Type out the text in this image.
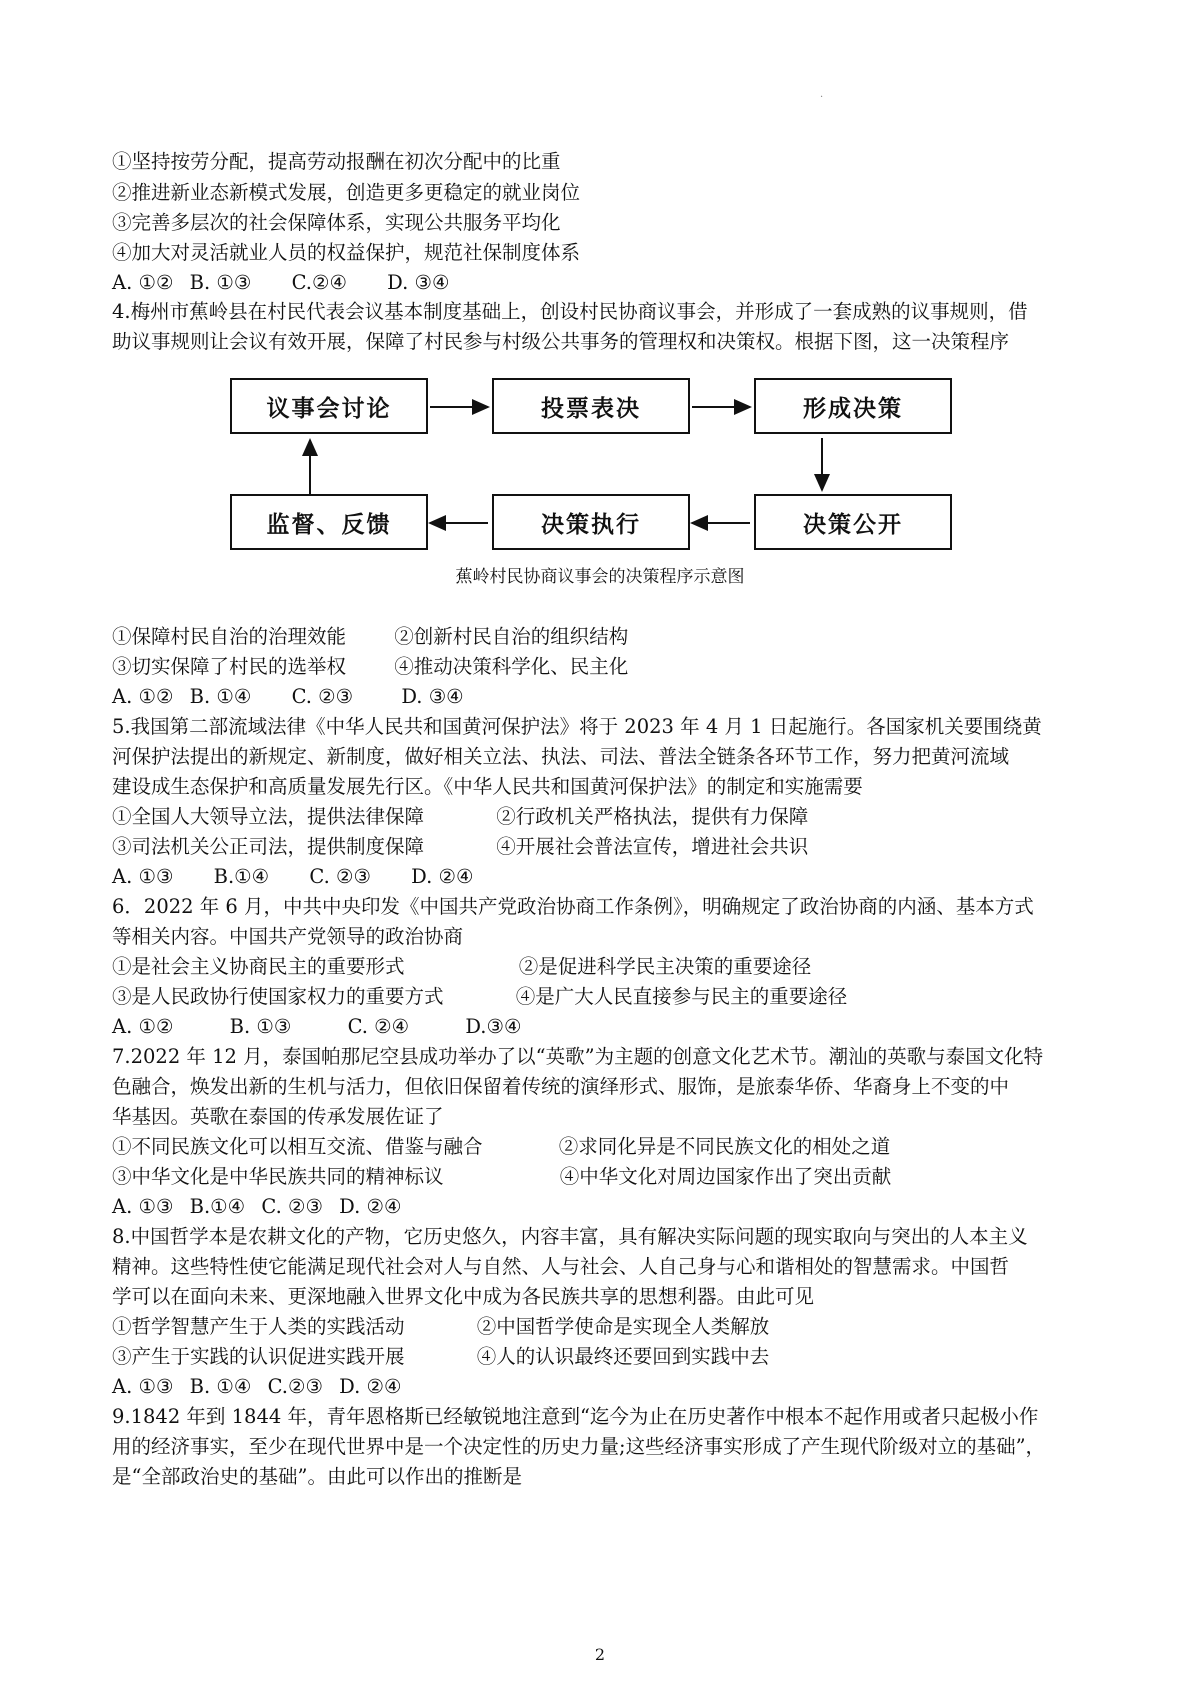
·
①坚持按劳分配，提高劳动报酬在初次分配中的比重
②推进新业态新模式发展，创造更多更稳定的就业岗位
③完善多层次的社会保障体系，实现公共服务平均化
④加大对灵活就业人员的权益保护，规范社保制度体系
A. ①② B. ①③ C.②④ D. ③④
4.梅州市蕉岭县在村民代表会议基本制度基础上，创设村民协商议事会，并形成了一套成熟的议事规则，借
助议事规则让会议有效开展，保障了村民参与村级公共事务的管理权和决策权。根据下图，这一决策程序
议事会讨论	投票表决	形成决策
决策公开
决策执行
监督、反馈
蕉岭村民协商议事会的决策程序示意图
①保障村民自治的治理效能 ②创新村民自治的组织结构
③切实保障了村民的选举权 ④推动决策科学化、民主化
A. ①② B. ①④ C. ②③ D. ③④
5.我国第二部流域法律《中华人民共和国黄河保护法》将于 2023 年 4 月 1 日起施行。各国家机关要围绕黄
河保护法提出的新规定、新制度，做好相关立法、执法、司法、普法全链条各环节工作，努力把黄河流域
建设成生态保护和高质量发展先行区。《中华人民共和国黄河保护法》的制定和实施需要
①全国人大领导立法，提供法律保障	②行政机关严格执法，提供有力保障
③司法机关公正司法，提供制度保障	④开展社会普法宣传，增进社会共识
A. ①③ B.①④ C. ②③ D. ②④
6．2022 年 6 月，中共中央印发《中国共产党政治协商工作条例》，明确规定了政治协商的内涵、基本方式
等相关内容。中国共产党领导的政治协商
①是社会主义协商民主的重要形式	②是促进科学民主决策的重要途径
③是人民政协行使国家权力的重要方式	④是广大人民直接参与民主的重要途径
A. ①②	B. ①③	C. ②④	D.③④
7.2022 年 12 月，泰国帕那尼空县成功举办了以“英歌”为主题的创意文化艺术节。潮汕的英歌与泰国文化特
色融合，焕发出新的生机与活力，但依旧保留着传统的演绎形式、服饰，是旅泰华侨、华裔身上不变的中
华基因。英歌在泰国的传承发展佐证了
①不同民族文化可以相互交流、借鉴与融合	②求同化异是不同民族文化的相处之道
③中华文化是中华民族共同的精神标议	④中华文化对周边国家作出了突出贡献
A. ①③ B.①④ C. ②③ D. ②④
8.中国哲学本是农耕文化的产物，它历史悠久，内容丰富，具有解决实际问题的现实取向与突出的人本主义
精神。这些特性使它能满足现代社会对人与自然、人与社会、人自己身与心和谐相处的智慧需求。中国哲
学可以在面向未来、更深地融入世界文化中成为各民族共享的思想利器。由此可见
①哲学智慧产生于人类的实践活动	②中国哲学使命是实现全人类解放
③产生于实践的认识促进实践开展	④人的认识最终还要回到实践中去
A. ①③ B. ①④ C.②③ D. ②④
9.1842 年到 1844 年，青年恩格斯已经敏锐地注意到“迄今为止在历史著作中根本不起作用或者只起极小作
用的经济事实，至少在现代世界中是一个决定性的历史力量;这些经济事实形成了产生现代阶级对立的基础”，
是“全部政治史的基础”。由此可以作出的推断是
2
